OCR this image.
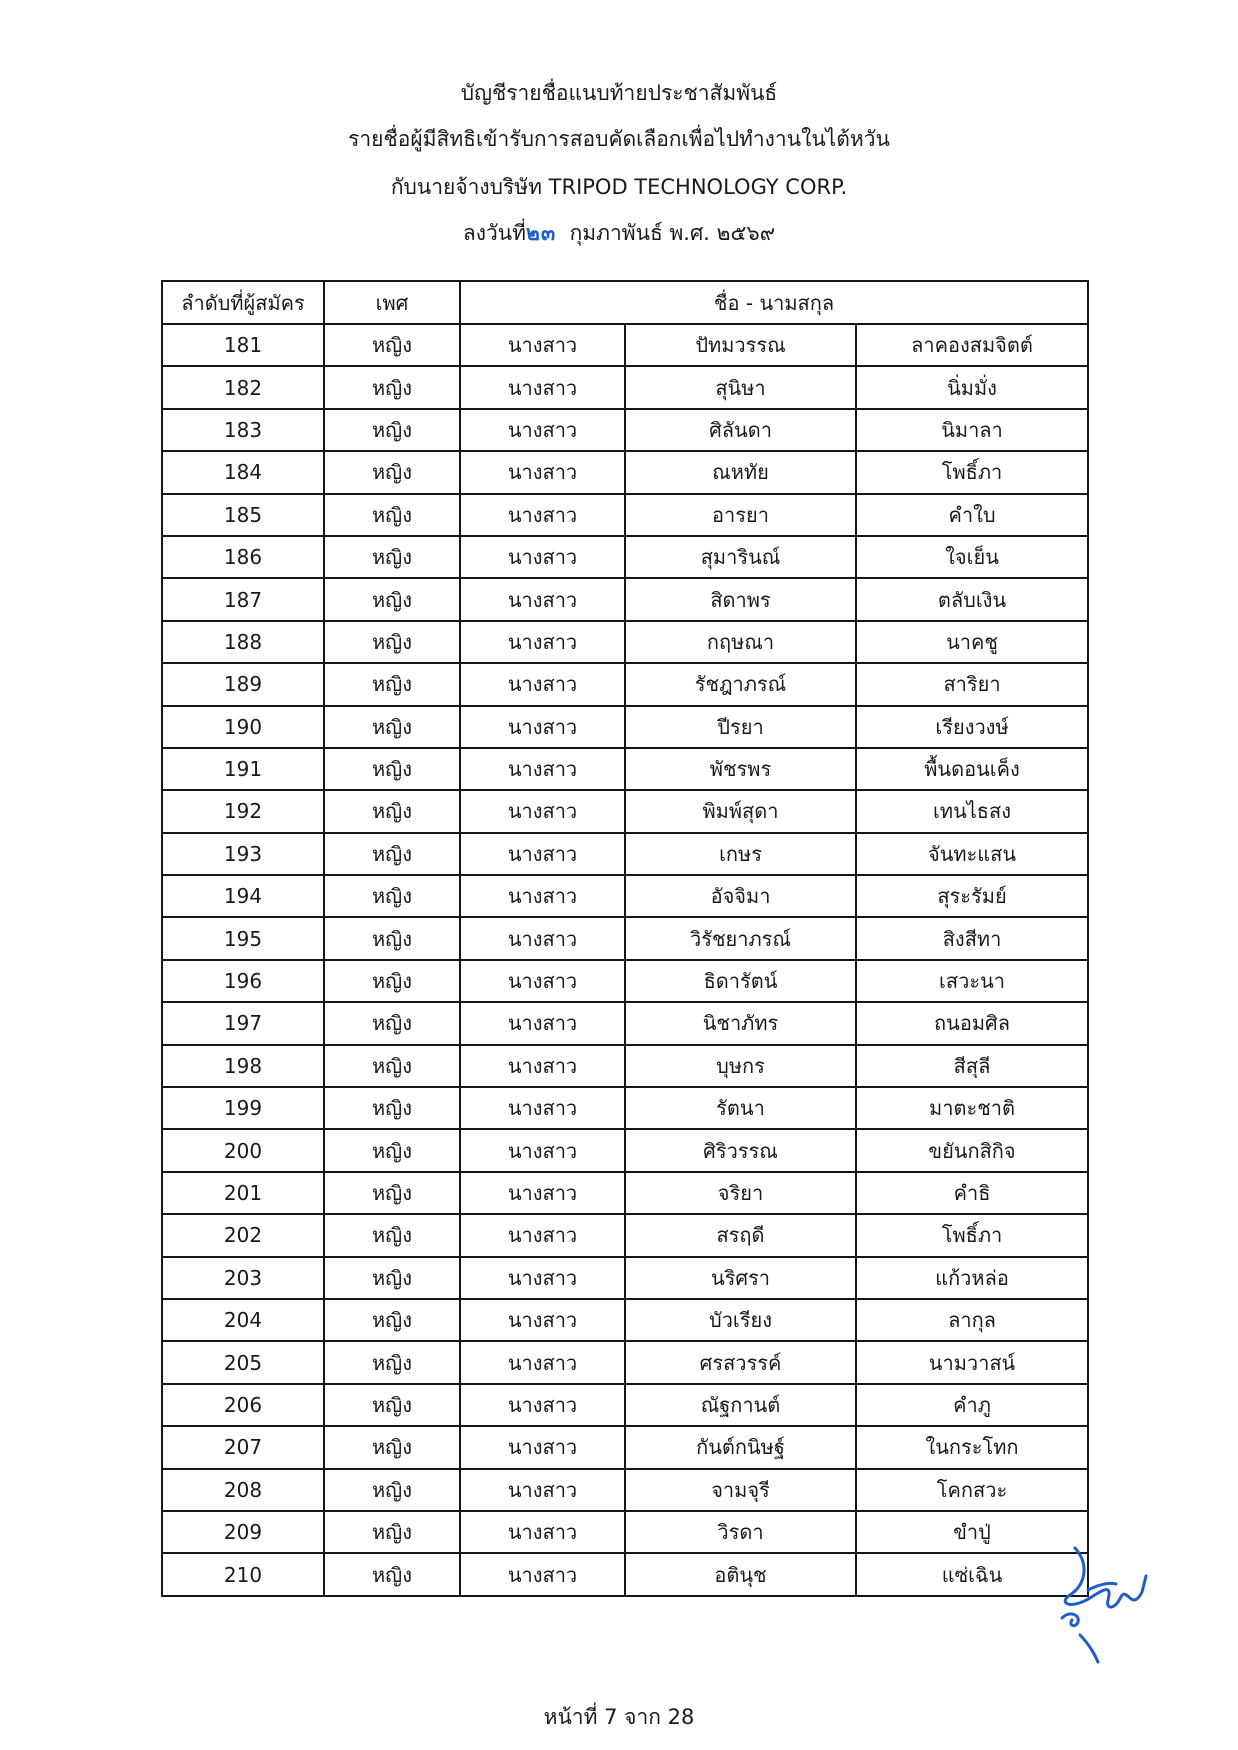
บัญชีรายชื่อแนบท้ายประชาสัมพันธ์
รายชื่อผู้มีสิทธิเข้ารับการสอบคัดเลือกเพื่อไปทำงานในไต้หวัน
กับนายจ้างบริษัท TRIPOD TECHNOLOGY CORP.
ลงวันที่๒๓ กุมภาพันธ์ พ.ศ. ๒๕๖๙
ลำดับที่ผู้สมัคร	เพศ	ชื่อ - นามสกุล		
181	หญิง	นางสาว	ปัทมวรรณ	ลาคองสมจิตต์
182	หญิง	นางสาว	สุนิษา	นิ่มมั่ง
183	หญิง	นางสาว	ศิลันดา	นิมาลา
184	หญิง	นางสาว	ณหทัย	โพธิ์ภา
185	หญิง	นางสาว	อารยา	คำใบ
186	หญิง	นางสาว	สุมารินณ์	ใจเย็น
187	หญิง	นางสาว	สิดาพร	ตลับเงิน
188	หญิง	นางสาว	กฤษณา	นาคชู
189	หญิง	นางสาว	รัชฎาภรณ์	สาริยา
190	หญิง	นางสาว	ปีรยา	เรียงวงษ์
191	หญิง	นางสาว	พัชรพร	พื้นดอนเค็ง
192	หญิง	นางสาว	พิมพ์สุดา	เทนไธสง
193	หญิง	นางสาว	เกษร	จันทะแสน
194	หญิง	นางสาว	อัจจิมา	สุระรัมย์
195	หญิง	นางสาว	วิรัชยาภรณ์	สิงสีทา
196	หญิง	นางสาว	ธิดารัตน์	เสวะนา
197	หญิง	นางสาว	นิชาภัทร	ถนอมศิล
198	หญิง	นางสาว	บุษกร	สีสุลี
199	หญิง	นางสาว	รัตนา	มาตะชาติ
200	หญิง	นางสาว	ศิริวรรณ	ขยันกสิกิจ
201	หญิง	นางสาว	จริยา	คำธิ
202	หญิง	นางสาว	สรฤดี	โพธิ์ภา
203	หญิง	นางสาว	นริศรา	แก้วหล่อ
204	หญิง	นางสาว	บัวเรียง	ลากุล
205	หญิง	นางสาว	ศรสวรรค์	นามวาสน์
206	หญิง	นางสาว	ณัฐกานต์	คำภู
207	หญิง	นางสาว	กันต์กนิษฐ์	ในกระโทก
208	หญิง	นางสาว	จามจุรี	โคกสวะ
209	หญิง	นางสาว	วิรดา	ขำปู่
210	หญิง	นางสาว	อตินุช	แซ่เฉิน
หน้าที่ 7 จาก 28
